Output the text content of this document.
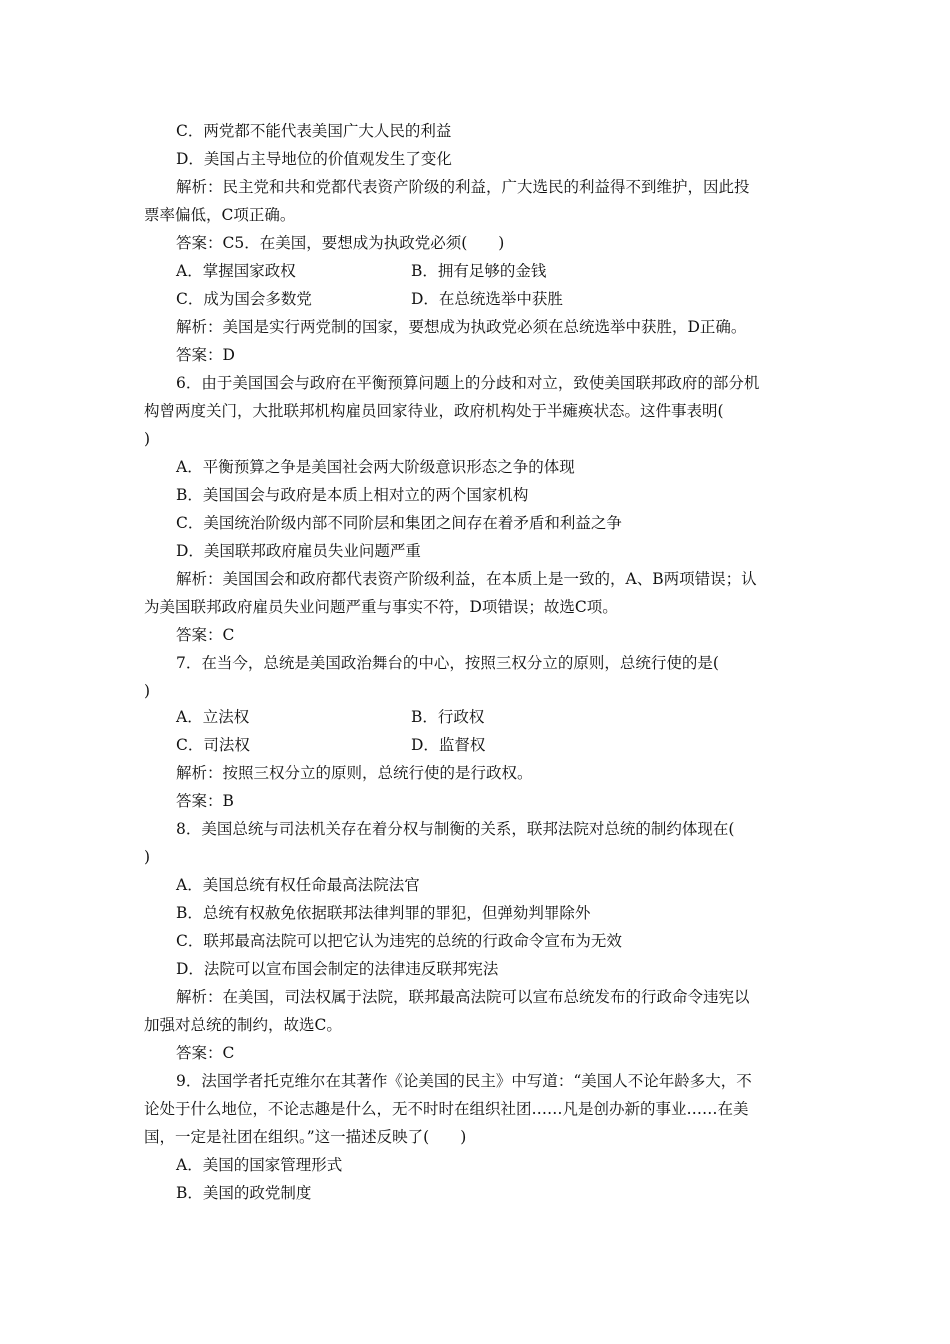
C．两党都不能代表美国广大人民的利益
D．美国占主导地位的价值观发生了变化
解析：民主党和共和党都代表资产阶级的利益，广大选民的利益得不到维护，因此投
票率偏低，C项正确。
答案：C5．在美国，要想成为执政党必须(　　)
A．掌握国家政权	B．拥有足够的金钱
C．成为国会多数党	D．在总统选举中获胜
解析：美国是实行两党制的国家，要想成为执政党必须在总统选举中获胜，D正确。
答案：D
6．由于美国国会与政府在平衡预算问题上的分歧和对立，致使美国联邦政府的部分机
构曾两度关门，大批联邦机构雇员回家待业，政府机构处于半瘫痪状态。这件事表明(
)
A．平衡预算之争是美国社会两大阶级意识形态之争的体现
B．美国国会与政府是本质上相对立的两个国家机构
C．美国统治阶级内部不同阶层和集团之间存在着矛盾和利益之争
D．美国联邦政府雇员失业问题严重
解析：美国国会和政府都代表资产阶级利益，在本质上是一致的，A、B两项错误；认
为美国联邦政府雇员失业问题严重与事实不符，D项错误；故选C项。
答案：C
7．在当今，总统是美国政治舞台的中心，按照三权分立的原则，总统行使的是(
)
A．立法权	B．行政权
C．司法权	D．监督权
解析：按照三权分立的原则，总统行使的是行政权。
答案：B
8．美国总统与司法机关存在着分权与制衡的关系，联邦法院对总统的制约体现在(
)
A．美国总统有权任命最高法院法官
B．总统有权赦免依据联邦法律判罪的罪犯，但弹劾判罪除外
C．联邦最高法院可以把它认为违宪的总统的行政命令宣布为无效
D．法院可以宣布国会制定的法律违反联邦宪法
解析：在美国，司法权属于法院，联邦最高法院可以宣布总统发布的行政命令违宪以
加强对总统的制约，故选C。
答案：C
9．法国学者托克维尔在其著作《论美国的民主》中写道：“美国人不论年龄多大，不
论处于什么地位，不论志趣是什么，无不时时在组织社团……凡是创办新的事业……在美
国，一定是社团在组织。”这一描述反映了(　　)
A．美国的国家管理形式
B．美国的政党制度
